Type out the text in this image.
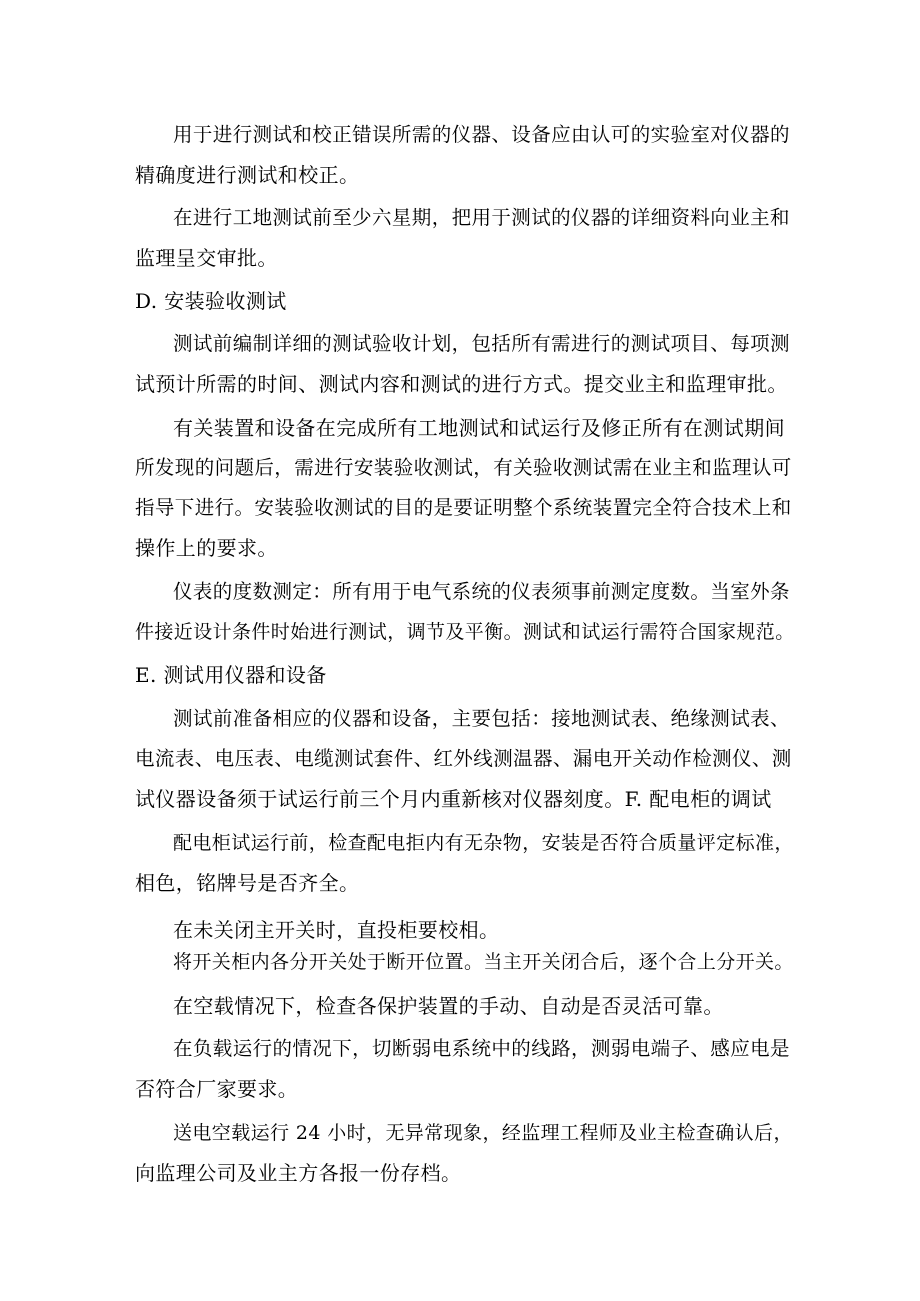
用于进行测试和校正错误所需的仪器、设备应由认可的实验室对仪器的
精确度进行测试和校正。
在进行工地测试前至少六星期，把用于测试的仪器的详细资料向业主和
监理呈交审批。
D. 安装验收测试
测试前编制详细的测试验收计划，包括所有需进行的测试项目、每项测
试预计所需的时间、测试内容和测试的进行方式。提交业主和监理审批。
有关装置和设备在完成所有工地测试和试运行及修正所有在测试期间
所发现的问题后，需进行安装验收测试，有关验收测试需在业主和监理认可
指导下进行。安装验收测试的目的是要证明整个系统装置完全符合技术上和
操作上的要求。
仪表的度数测定：所有用于电气系统的仪表须事前测定度数。当室外条
件接近设计条件时始进行测试，调节及平衡。测试和试运行需符合国家规范。
E. 测试用仪器和设备
测试前准备相应的仪器和设备，主要包括：接地测试表、绝缘测试表、
电流表、电压表、电缆测试套件、红外线测温器、漏电开关动作检测仪、测
试仪器设备须于试运行前三个月内重新核对仪器刻度。F. 配电柜的调试
配电柜试运行前，检查配电拒内有无杂物，安装是否符合质量评定标准，
相色，铭牌号是否齐全。
在未关闭主开关时，直投柜要校相。
将开关柜内各分开关处于断开位置。当主开关闭合后，逐个合上分开关。
在空载情况下，检查各保护装置的手动、自动是否灵活可靠。
在负载运行的情况下，切断弱电系统中的线路，测弱电端子、感应电是
否符合厂家要求。
送电空载运行 24 小时，无异常现象，经监理工程师及业主检查确认后，
向监理公司及业主方各报一份存档。
